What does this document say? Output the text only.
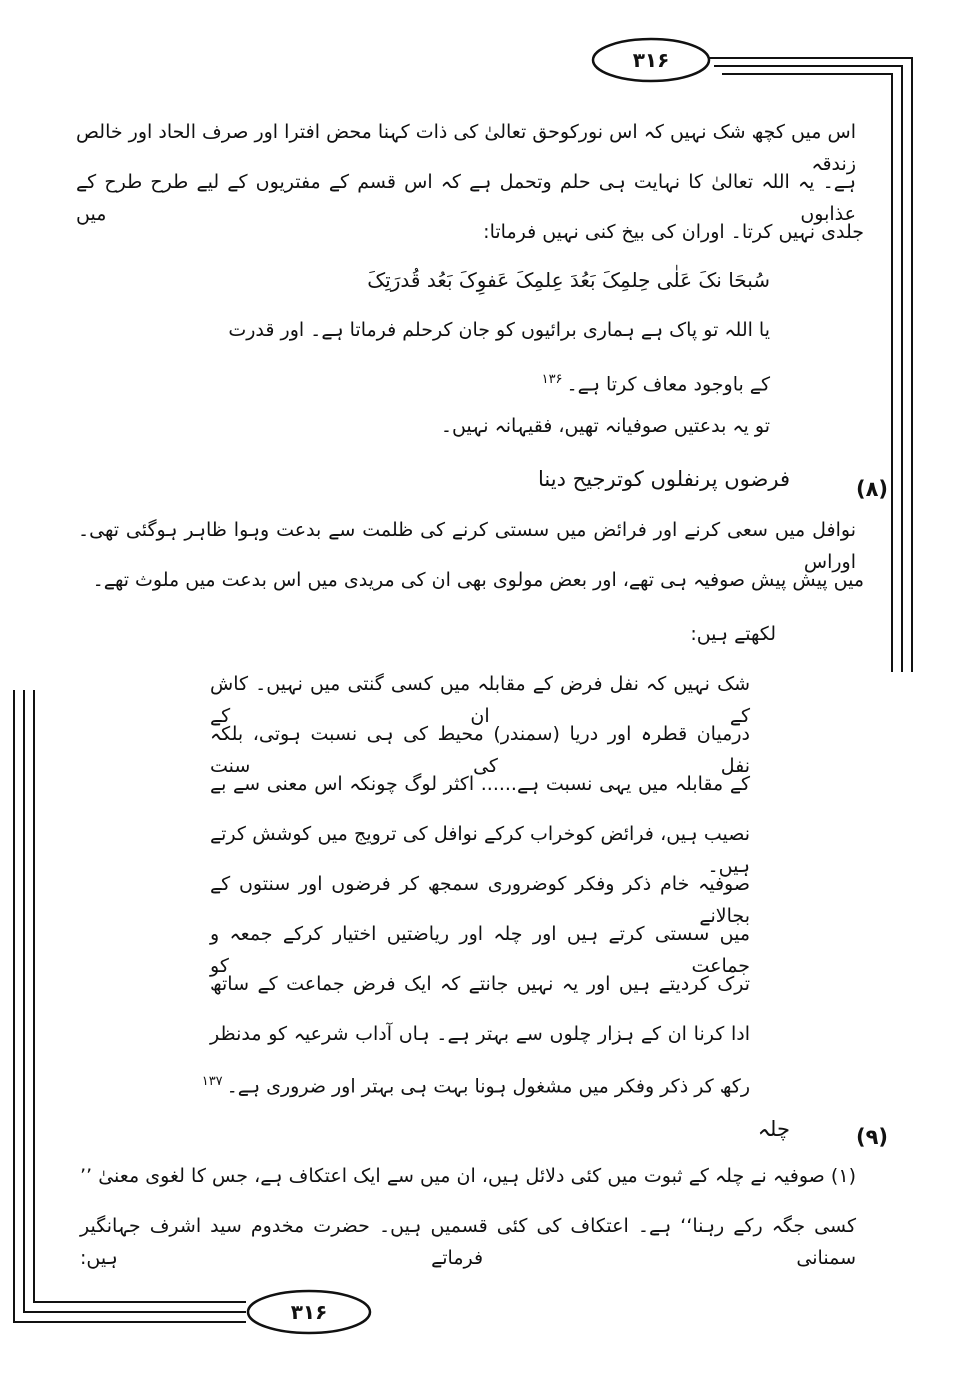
۳۱۶
۳۱۶
اس میں کچھ شک نہیں کہ اس نورکوحق تعالیٰ کی ذات کہنا محض افترا اور صرف الحاد اور خالص زندقہ
ہے۔ یہ اللہ تعالیٰ کا نہایت ہی حلم وتحمل ہے کہ اس قسم کے مفتریوں کے لیے طرح طرح کے عذابوں میں
جلدی نہیں کرتا۔ اوران کی بیخ کنی نہیں فرماتا:
سُبحَا نکَ عَلٰی حِلمِکَ بَعُدَ عِلمِکَ عَفوِکَ بَعُد قُدرَتِکَ
یا اللہ تو پاک ہے ہماری برائیوں کو جان کرحلم فرماتا ہے۔ اور قدرت
کے باوجود معاف کرتا ہے۔$^{۱۳۶}$
تو یہ بدعتیں صوفیانہ تھیں، فقیہانہ نہیں۔
(۸)
فرضوں پرنفلوں کوترجیح دینا
نوافل میں سعی کرنے اور فرائض میں سستی کرنے کی ظلمت سے بدعت وہوا ظاہر ہوگئی تھی۔ اوراس
میں پیش پیش صوفیہ ہی تھے، اور بعض مولوی بھی ان کی مریدی میں اس بدعت میں ملوث تھے۔
لکھتے ہیں:
شک نہیں کہ نفل فرض کے مقابلہ میں کسی گنتی میں نہیں۔ کاش کے ان کے
درمیان قطرہ اور دریا (سمندر) محیط کی ہی نسبت ہوتی، بلکہ نفل کی سنت
کے مقابلہ میں یہی نسبت ہے...... اکثر لوگ چونکہ اس معنی سے بے
نصیب ہیں، فرائض کوخراب کرکے نوافل کی ترویج میں کوشش کرتے ہیں۔
صوفیہ خام ذکر وفکر کوضروری سمجھ کر فرضوں اور سنتوں کے بجالانے
میں سستی کرتے ہیں اور چلہ اور ریاضتیں اختیار کرکے جمعہ و جماعت کو
ترک کردیتے ہیں اور یہ نہیں جانتے کہ ایک فرض جماعت کے ساتھ
ادا کرنا ان کے ہزار چلوں سے بہتر ہے۔ ہاں آداب شرعیہ کو مدنظر
رکھ کر ذکر وفکر میں مشغول ہونا بہت ہی بہتر اور ضروری ہے۔$^{۱۳۷}$
(۹)
چلہ
(۱) صوفیہ نے چلہ کے ثبوت میں کئی دلائل ہیں، ان میں سے ایک اعتکاف ہے، جس کا لغوی معنیٰ ’’
کسی جگہ رکے رہنا‘‘ ہے۔ اعتکاف کی کئی قسمیں ہیں۔ حضرت مخدوم سید اشرف جہانگیر سمنانی فرماتے ہیں:
